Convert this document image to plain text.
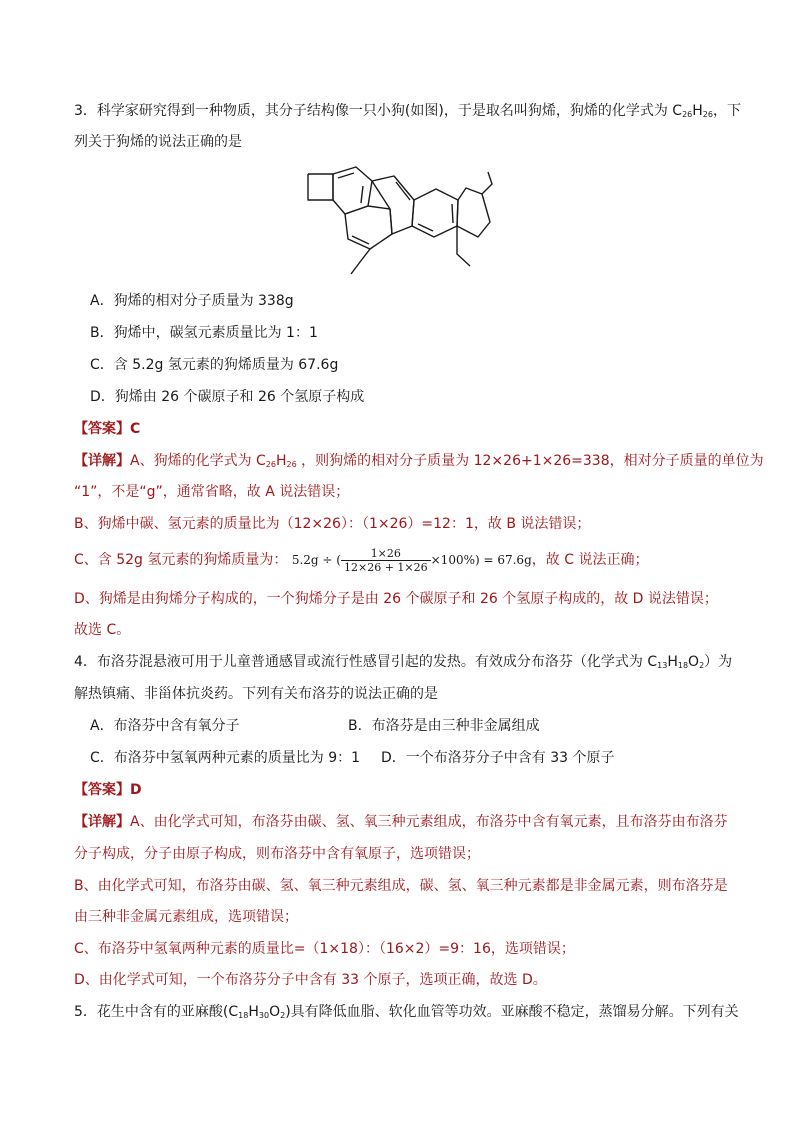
3．科学家研究得到一种物质，其分子结构像一只小狗(如图)，于是取名叫狗烯，狗烯的化学式为 $C_{26}H_{26}$，下
列关于狗烯的说法正确的是
A．狗烯的相对分子质量为 338g
B．狗烯中，碳氢元素质量比为 1：1
C．含 5.2g 氢元素的狗烯质量为 67.6g
D．狗烯由 26 个碳原子和 26 个氢原子构成
【答案】C
【详解】A、狗烯的化学式为 $C_{26}H_{26}$ ，则狗烯的相对分子质量为 12×26+1×26=338，相对分子质量的单位为
“1”，不是“g”，通常省略，故 A 说法错误；
B、狗烯中碳、氢元素的质量比为（12×26）：（1×26）=12：1，故 B 说法错误；
C、含 52g 氢元素的狗烯质量为： 5.2g ÷ ( $\frac{1\times 26}{12\times 26 + 1\times 26} \times 100\%) = 67.6g$，故 C 说法正确；
D、狗烯是由狗烯分子构成的，一个狗烯分子是由 26 个碳原子和 26 个氢原子构成的，故 D 说法错误；
故选 C。
4．布洛芬混悬液可用于儿童普通感冒或流行性感冒引起的发热。有效成分布洛芬（化学式为 $C_{13}H_{18}O_2$）为
解热镇痛、非甾体抗炎药。下列有关布洛芬的说法正确的是
A．布洛芬中含有氧分子	B．布洛芬是由三种非金属组成
C．布洛芬中氢氧两种元素的质量比为 9：1 D．一个布洛芬分子中含有 33 个原子
【答案】D
【详解】A、由化学式可知，布洛芬由碳、氢、氧三种元素组成，布洛芬中含有氧元素，且布洛芬由布洛芬
分子构成，分子由原子构成，则布洛芬中含有氧原子，选项错误；
B、由化学式可知，布洛芬由碳、氢、氧三种元素组成，碳、氢、氧三种元素都是非金属元素，则布洛芬是
由三种非金属元素组成，选项错误；
C、布洛芬中氢氧两种元素的质量比=（1×18）：（16×2）=9：16，选项错误；
D、由化学式可知，一个布洛芬分子中含有 33 个原子，选项正确，故选 D。
5．花生中含有的亚麻酸$(C_{18}H_{30}O_2)$具有降低血脂、软化血管等功效。亚麻酸不稳定，蒸馏易分解。下列有关
